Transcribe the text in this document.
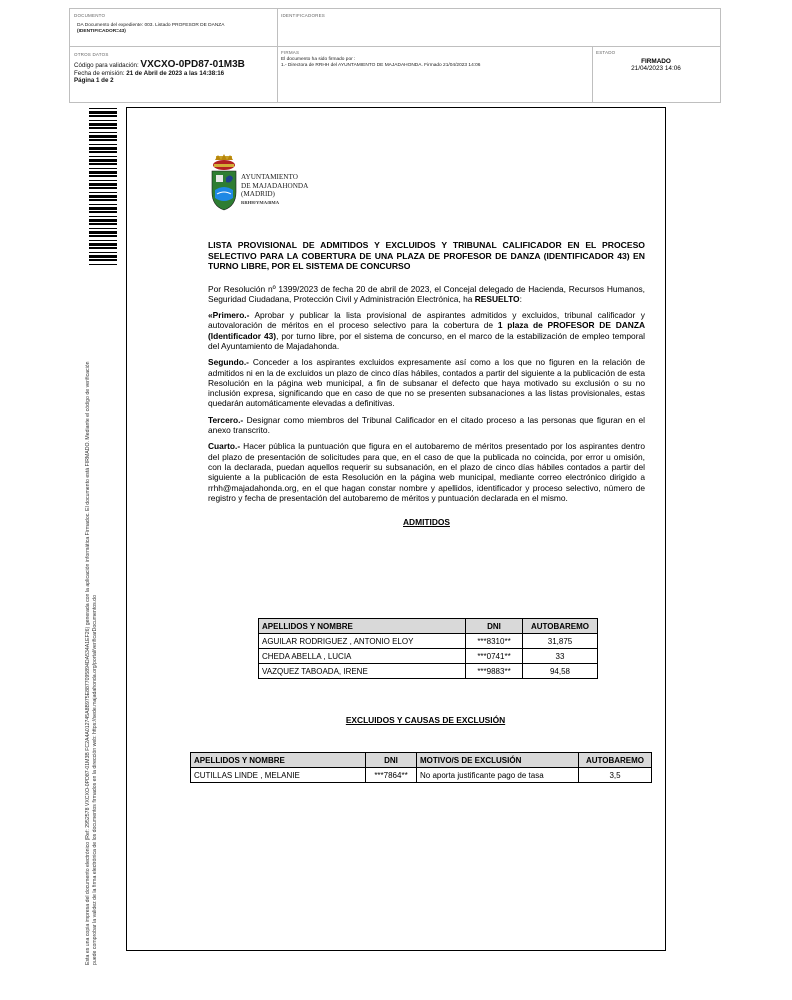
DOCUMENTO
DA Documento del expediente: 003. Listado PROFESOR DE DANZA
(IDENTIFICADOR=43)
IDENTIFICADORES
OTROS DATOS
Código para validación: VXCXO-0PD87-01M3B
Fecha de emisión: 21 de Abril de 2023 a las 14:38:16
Página 1 de 2
FIRMAS
El documento ha sido firmado por :
1.- Directora de RRHH del AYUNTAMIENTO DE MAJADAHONDA. Firmado 21/04/2023 14:06
ESTADO
FIRMADO
21/04/2023 14:06
Esta es una copia impresa del documento electrónico (Ref: 2952578 VXCXO-0PD87-01M3B FC2A4A012745A8B975E8877095894DA534A1EF26) generada con la aplicación informática Firmadoc. El documento está FIRMADO. Mediante el código de verificación puede comprobar la validez de la firma electrónica de los documentos firmados en la dirección web: https://sede.majadahonda.org/portal/verificarDocumentos.do
AYUNTAMIENTO
DE MAJADAHONDA
(MADRID)
RRHH/YMA/BMA

LISTA PROVISIONAL DE ADMITIDOS Y EXCLUIDOS Y TRIBUNAL CALIFICADOR EN EL PROCESO SELECTIVO PARA LA COBERTURA DE UNA PLAZA DE PROFESOR DE DANZA (IDENTIFICADOR 43) EN TURNO LIBRE, POR EL SISTEMA DE CONCURSO

Por Resolución nº 1399/2023 de fecha 20 de abril de 2023, el Concejal delegado de Hacienda, Recursos Humanos, Seguridad Ciudadana, Protección Civil y Administración Electrónica, ha RESUELTO:

«Primero.- Aprobar y publicar la lista provisional de aspirantes admitidos y excluidos, tribunal calificador y autovaloración de méritos en el proceso selectivo para la cobertura de 1 plaza de PROFESOR DE DANZA (Identificador 43), por turno libre, por el sistema de concurso, en el marco de la estabilización de empleo temporal del Ayuntamiento de Majadahonda.

Segundo.- Conceder a los aspirantes excluidos expresamente así como a los que no figuren en la relación de admitidos ni en la de excluidos un plazo de cinco días hábiles, contados a partir del siguiente a la publicación de esta Resolución en la página web municipal, a fin de subsanar el defecto que haya motivado su exclusión o su no inclusión expresa, significando que en caso de que no se presenten subsanaciones a las listas provisionales, estas quedarán automáticamente elevadas a definitivas.

Tercero.- Designar como miembros del Tribunal Calificador en el citado proceso a las personas que figuran en el anexo transcrito.

Cuarto.- Hacer pública la puntuación que figura en el autobaremo de méritos presentado por los aspirantes dentro del plazo de presentación de solicitudes para que, en el caso de que la publicada no coincida, por error u omisión, con la declarada, puedan aquellos requerir su subsanación, en el plazo de cinco días hábiles contados a partir del siguiente a la publicación de esta Resolución en la página web municipal, mediante correo electrónico dirigido a rrhh@majadahonda.org, en el que hagan constar nombre y apellidos, identificador y proceso selectivo, número de registro y fecha de presentación del autobaremo de méritos y puntuación declarada en el mismo.

ADMITIDOS
APELLIDOS Y NOMBRE	DNI	AUTOBAREMO
AGUILAR RODRIGUEZ , ANTONIO ELOY	***8310**	31,875
CHEDA ABELLA , LUCIA	***0741**	33
VAZQUEZ TABOADA, IRENE	***9883**	94,58
EXCLUIDOS Y CAUSAS DE EXCLUSIÓN
APELLIDOS Y NOMBRE	DNI	MOTIVO/S DE EXCLUSIÓN	AUTOBAREMO
CUTILLAS LINDE , MELANIE	***7864**	No aporta justificante pago de tasa	3,5
